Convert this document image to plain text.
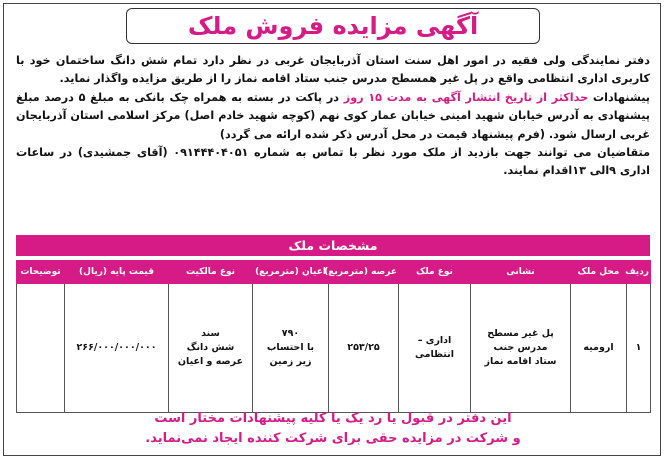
آگهی مزایده فروش ملک

دفتر نمایندگی ولی فقیه در امور اهل سنت استان آذربایجان غربی در نظر دارد تمام شش دانگ ساختمان خود با کاربری اداری انتظامی واقع در پل غیر همسطح مدرس جنب ستاد اقامه نماز را از طریق مزایده واگذار نماید.

پیشنهادات حداکثر از تاریخ انتشار آگهی به مدت ۱۵ روز در پاکت در بسته به همراه چک بانکی به مبلغ ۵ درصد مبلغ پیشنهادی به آدرس خیابان شهید امینی خیابان عمار کوی نهم (کوچه شهید خادم اصل) مرکز اسلامی استان آذربایجان غربی ارسال شود. (فرم پیشنهاد قیمت در محل آدرس ذکر شده ارائه می گردد)

متقاضیان می توانند جهت بازدید از ملک مورد نظر با تماس به شماره ۰۹۱۴۴۴۰۴۰۵۱ (آقای جمشیدی) در ساعات اداری ۹الی ۱۳اقدام نمایند.

مشخصات ملک
ردیف	محل ملک	نشانی	نوع ملک	عرصه (مترمربع)	اعیان (مترمربع)	نوع مالکیت	قیمت پایه (ریال)	توضیحات
۱	ارومیه	پل غیر مسطح
مدرس جنب
ستاد اقامه نماز	اداری – انتظامی	۲۵۳/۲۵	۷۹۰
با احتساب
زیر زمین	سند
شش دانگ
عرصه و اعیان	۲۶۶/۰۰۰/۰۰۰/۰۰۰	
این دفتر در قبول یا رد یک یا کلیه پیشنهادات مختار است
و شرکت در مزایده حقی برای شرکت کننده ایجاد نمی‌نماید.
